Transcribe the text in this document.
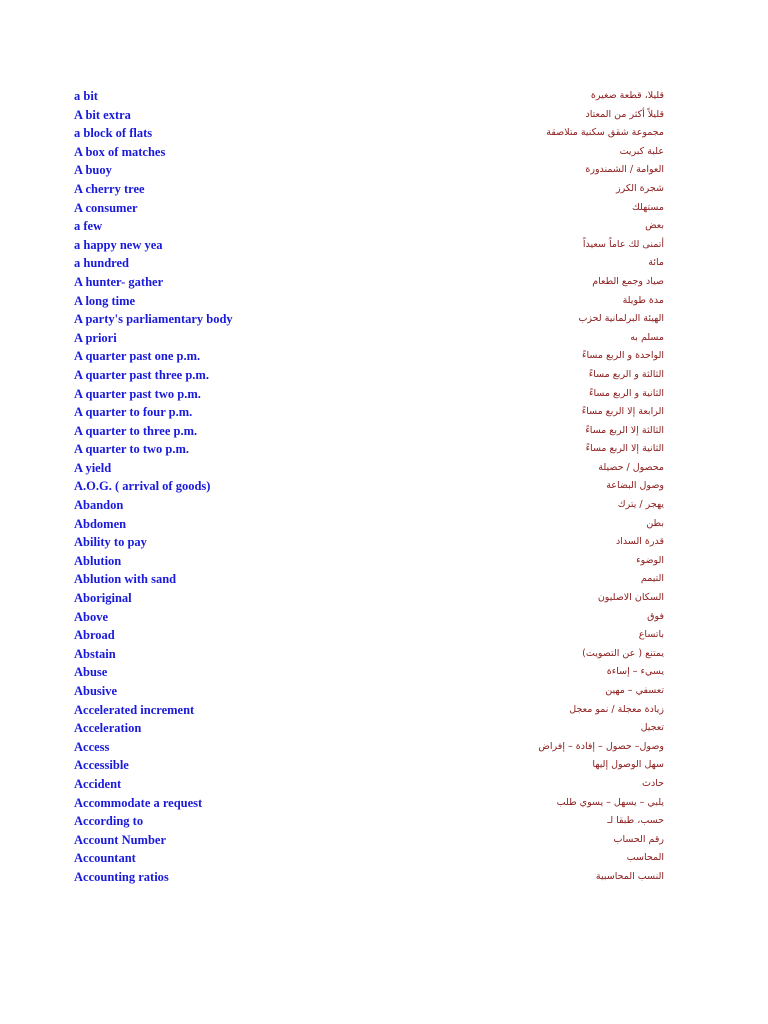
a bit	قليلا، قطعة صغيرة
A bit extra	قليلاً أكثر من المعتاد
a block of flats	مجموعة شقق سكنية متلاصقة
A box of matches	علبة كبريت
A buoy	العوامة / الشمندورة
A cherry tree	شجرة الكرز
A consumer	مستهلك
a few	بعض
a happy new yea	أتمنى لك عاماً سعيداً
a hundred	مائة
A hunter- gather	صياد وجمع الطعام
A long time	مدة طويلة
A party's parliamentary body	الهيئة البرلمانية لحزب
A priori	مسلم به
A quarter past one p.m.	الواحدة و الربع مساءً
A quarter past three p.m.	الثالثة و الربع مساءً
A quarter past two p.m.	الثانية و الربع مساءً
A quarter to four p.m.	الرابعة إلا الربع مساءً
A quarter to three p.m.	الثالثة إلا الربع مساءً
A quarter to two p.m.	الثانية إلا الربع مساءً
A yield	محصول / حصيلة
A.O.G. ( arrival of goods)	وصول البضاعة
Abandon	يهجر / يترك
Abdomen	بطن
Ability to pay	قدرة السداد
Ablution	الوضوء
Ablution with sand	التيمم
Aboriginal	السكان الاصليون
Above	فوق
Abroad	باتساع
Abstain	يمتنع ( عن التصويت)
Abuse	يسيء – إساءة
Abusive	تعسفي – مهين
Accelerated increment	زيادة معجلة / نمو معجل
Acceleration	تعجيل
Access	وصول– حصول – إفادة – إفراض
Accessible	سهل الوصول إليها
Accident	حادث
Accommodate a request	يلبي – يسهل – يسوي طلب
According to	حسب، طبقا لـ
Account Number	رقم الحساب
Accountant	المحاسب
Accounting ratios	النسب المحاسبية
